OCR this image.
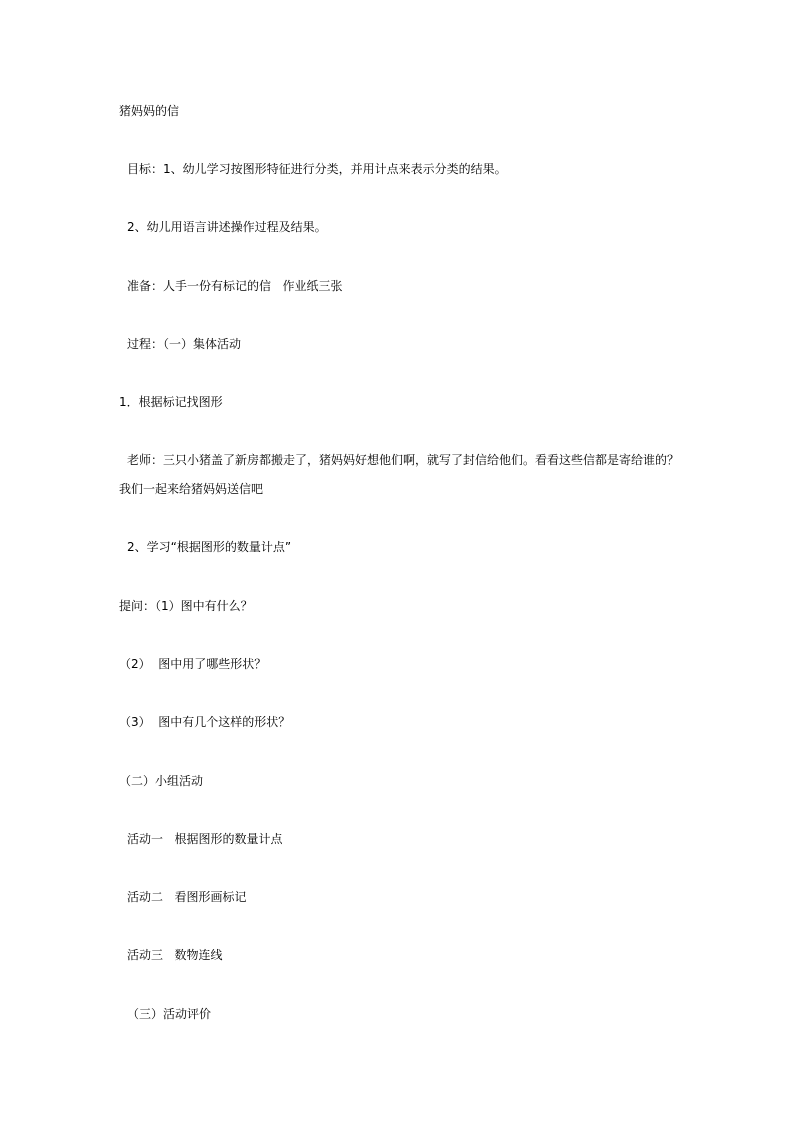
猪妈妈的信
目标：1、幼儿学习按图形特征进行分类，并用计点来表示分类的结果。
2、幼儿用语言讲述操作过程及结果。
准备：人手一份有标记的信   作业纸三张
过程：（一）集体活动
1．根据标记找图形
老师：三只小猪盖了新房都搬走了，猪妈妈好想他们啊，就写了封信给他们。看看这些信都是寄给谁的？
我们一起来给猪妈妈送信吧
2、学习“根据图形的数量计点”
提问：（1）图中有什么？
（2）  图中用了哪些形状？
（3）  图中有几个这样的形状？
（二）小组活动
活动一   根据图形的数量计点
活动二   看图形画标记
活动三   数物连线
（三）活动评价
